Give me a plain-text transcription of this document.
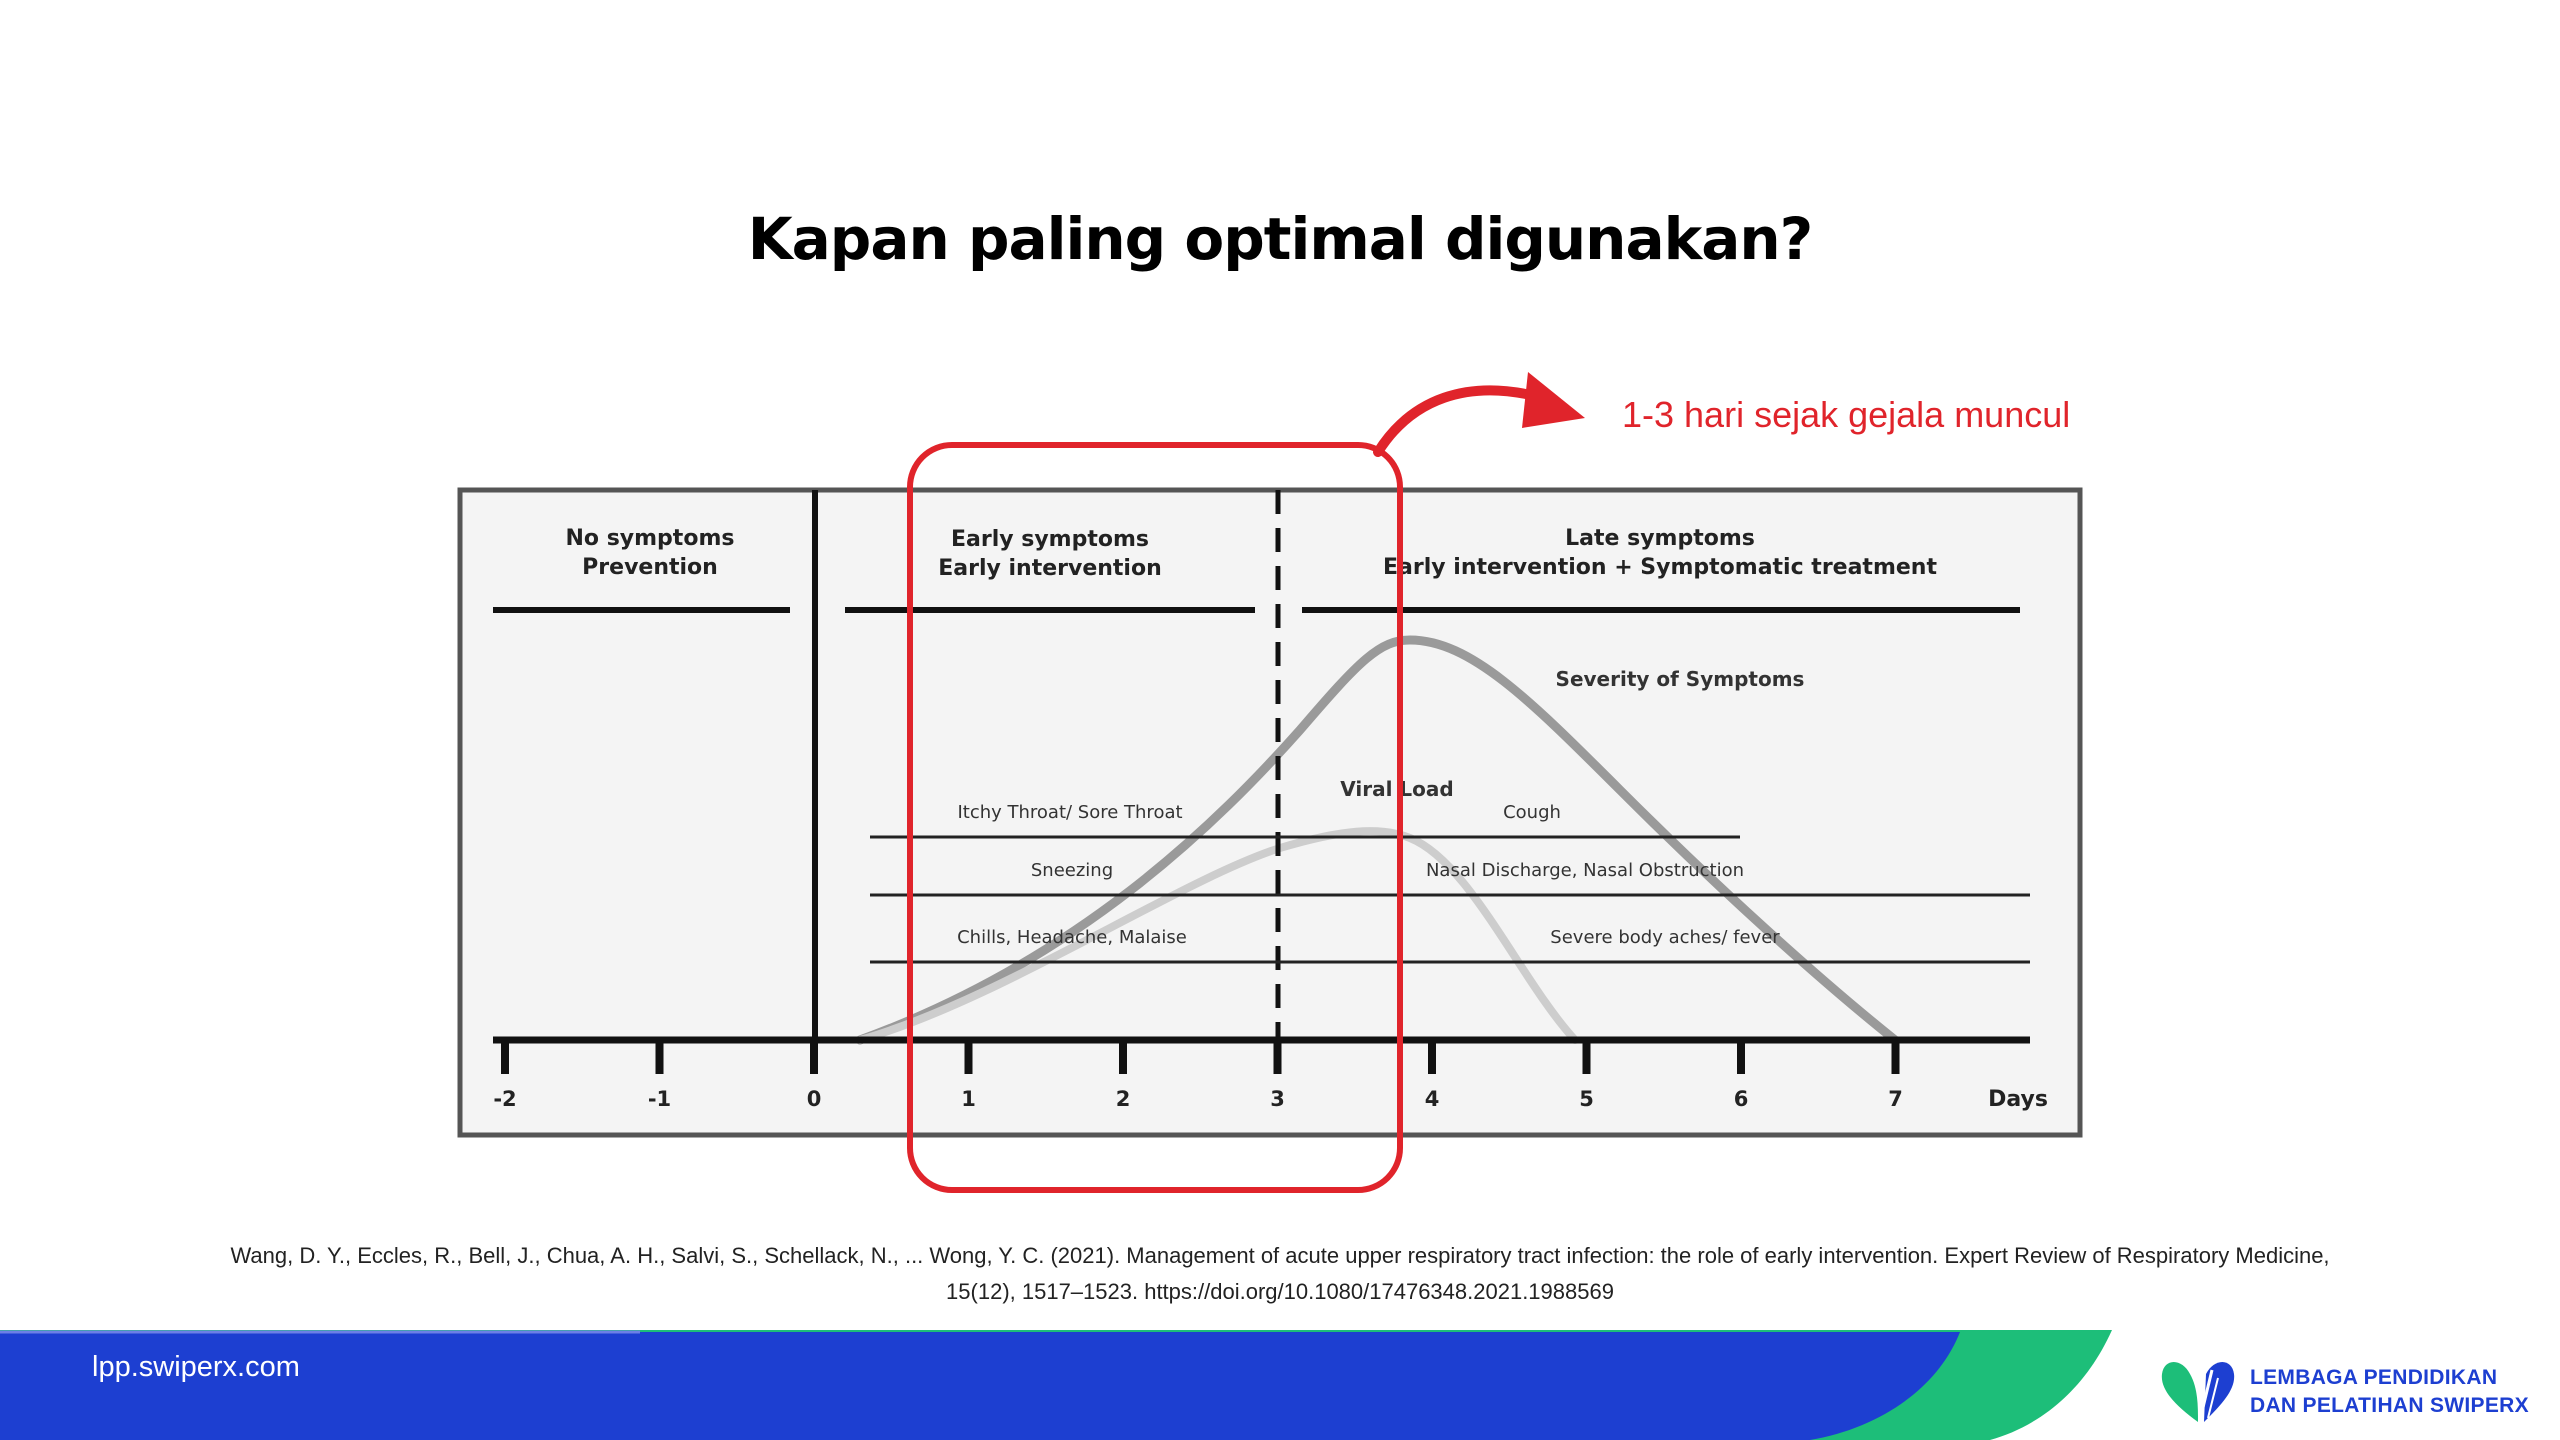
Kapan paling optimal digunakan?
No symptoms
Prevention
Early symptoms
Early intervention
Late symptoms
Early intervention + Symptomatic treatment
Severity of Symptoms
Viral Load
Itchy Throat/ Sore Throat	Cough
Sneezing	Nasal Discharge, Nasal Obstruction
Chills, Headache, Malaise	Severe body aches/ fever
-2	-1	0	1	2	3	4	5	6	7	Days
1-3 hari sejak gejala muncul
Wang, D. Y., Eccles, R., Bell, J., Chua, A. H., Salvi, S., Schellack, N., ... Wong, Y. C. (2021). Management of acute upper respiratory tract infection: the role of early intervention. Expert Review of Respiratory Medicine,
15(12), 1517–1523. https://doi.org/10.1080/17476348.2021.1988569
lpp.swiperx.com	LEMBAGA PENDIDIKAN
DAN PELATIHAN SWIPERX
